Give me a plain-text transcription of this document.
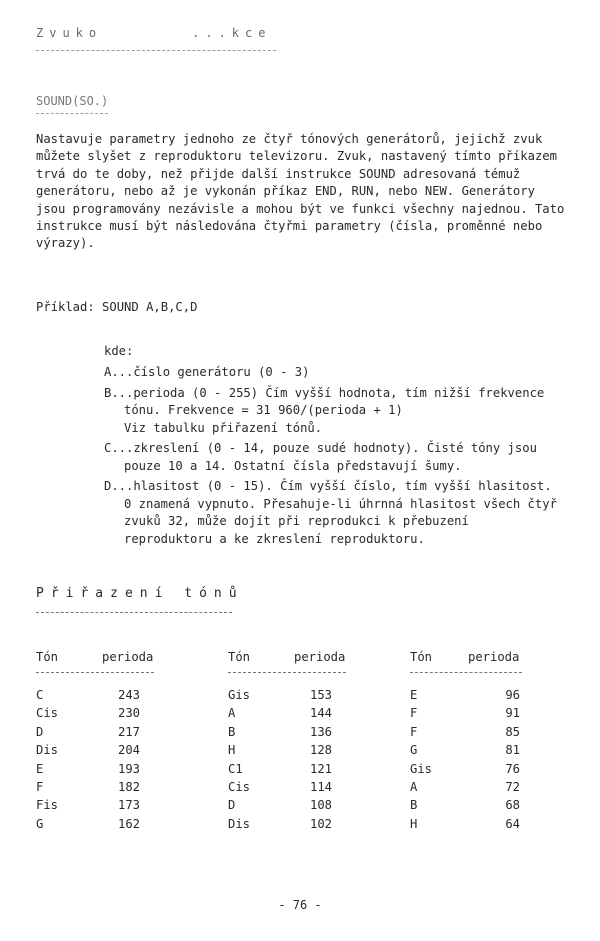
Zvuko	...kce
SOUND(SO.)
Nastavuje parametry jednoho ze čtyř tónových generátorů, jejichž zvuk
můžete slyšet z reproduktoru televizoru. Zvuk, nastavený tímto příkazem
trvá do te doby, než přijde další instrukce SOUND adresovaná témuž
generátoru, nebo až je vykonán příkaz END, RUN, nebo NEW. Generátory
jsou programovány nezávisle a mohou být ve funkci všechny najednou. Tato
instrukce musí být následována čtyřmi parametry (čísla, proměnné nebo
výrazy).
Příklad: SOUND A,B,C,D
kde:
A...číslo generátoru (0 - 3)
B...perioda (0 - 255) Čím vyšší hodnota, tím nižší frekvence
tónu. Frekvence = 31 960/(perioda + 1)
Viz tabulku přiřazení tónů.
C...zkreslení (0 - 14, pouze sudé hodnoty). Čisté tóny jsou
pouze 10 a 14. Ostatní čísla představují šumy.
D...hlasitost (0 - 15). Čím vyšší číslo, tím vyšší hlasitost.
0 znamená vypnuto. Přesahuje-li úhrnná hlasitost všech čtyř
zvuků 32, může dojít při reprodukci k přebuzení
reproduktoru a ke zkreslení reproduktoru.
Přiřazení tónů
Tón	perioda
C	243
Cis	230
D	217
Dis	204
E	193
F	182
Fis	173
G	162
Tón	perioda
Gis	153
A	144
B	136
H	128
C1	121
Cis	114
D	108
Dis	102
Tón	perioda
E	96
F	91
F	85
G	81
Gis	76
A	72
B	68
H	64
- 76 -
